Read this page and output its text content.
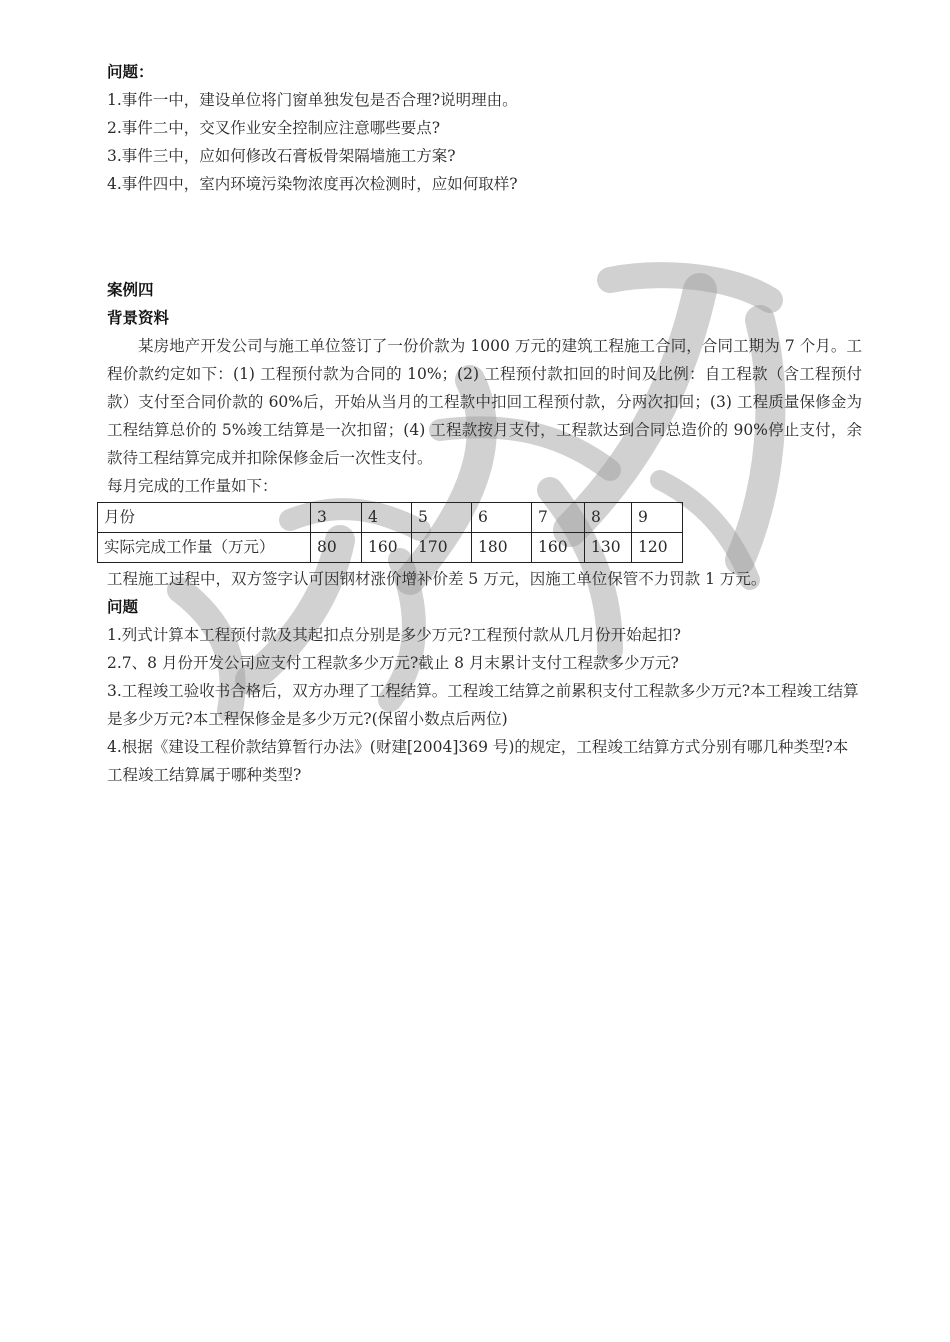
问题：
1.事件一中，建设单位将门窗单独发包是否合理?说明理由。
2.事件二中，交叉作业安全控制应注意哪些要点?
3.事件三中，应如何修改石膏板骨架隔墙施工方案?
4.事件四中，室内环境污染物浓度再次检测时，应如何取样?
案例四
背景资料
某房地产开发公司与施工单位签订了一份价款为 1000 万元的建筑工程施工合同，合同工期为 7 个月。工程价款约定如下：(1) 工程预付款为合同的 10%；(2) 工程预付款扣回的时间及比例：自工程款（含工程预付款）支付至合同价款的 60%后，开始从当月的工程款中扣回工程预付款，分两次扣回；(3) 工程质量保修金为工程结算总价的 5%竣工结算是一次扣留；(4) 工程款按月支付，工程款达到合同总造价的 90%停止支付，余款待工程结算完成并扣除保修金后一次性支付。
每月完成的工作量如下：
月份	3	4	5	6	7	8	9
实际完成工作量（万元）	80	160	170	180	160	130	120
工程施工过程中，双方签字认可因钢材涨价增补价差 5 万元，因施工单位保管不力罚款 1 万元。
问题
1.列式计算本工程预付款及其起扣点分别是多少万元?工程预付款从几月份开始起扣?
2.7、8 月份开发公司应支付工程款多少万元?截止 8 月末累计支付工程款多少万元?
3.工程竣工验收书合格后，双方办理了工程结算。工程竣工结算之前累积支付工程款多少万元?本工程竣工结算是多少万元?本工程保修金是多少万元?(保留小数点后两位)
4.根据《建设工程价款结算暂行办法》(财建[2004]369 号)的规定，工程竣工结算方式分别有哪几种类型?本工程竣工结算属于哪种类型?
